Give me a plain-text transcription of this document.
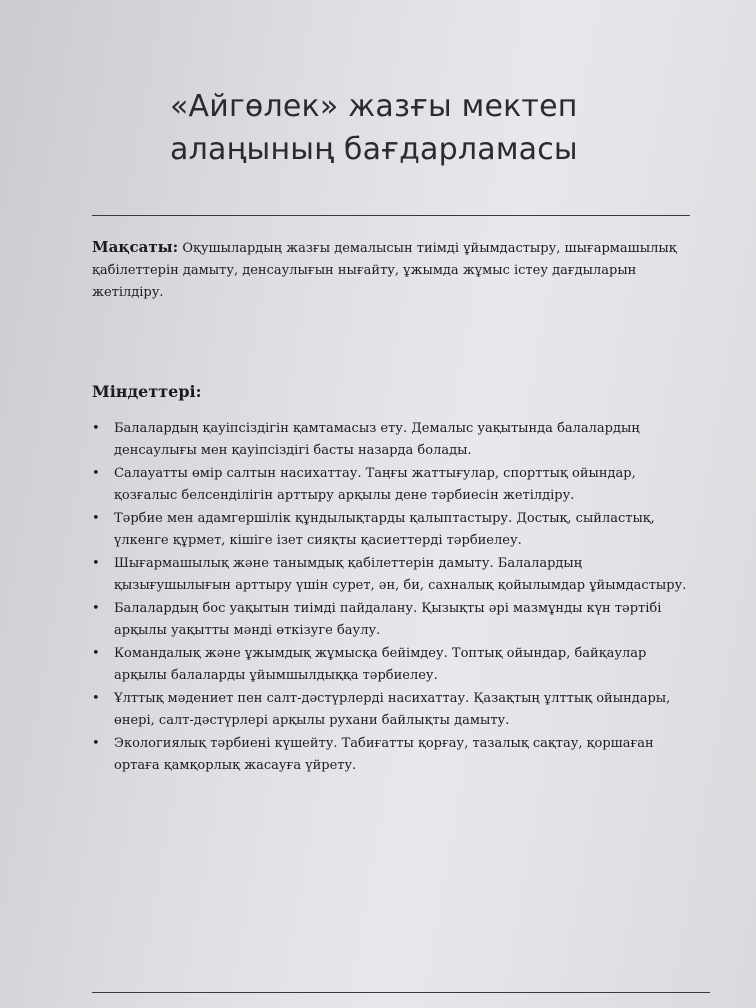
«Айгөлек» жазғы мектеп
алаңының бағдарламасы

Мақсаты: Оқушылардың жазғы демалысын тиімді ұйымдастыру, шығармашылық қабілеттерін дамыту, денсаулығын нығайту, ұжымда жұмыс істеу дағдыларын жетілдіру.

Міндеттері:
• Балалардың қауіпсіздігін қамтамасыз ету. Демалыс уақытында балалардың денсаулығы мен қауіпсіздігі басты назарда болады.
• Салауатты өмір салтын насихаттау. Таңғы жаттығулар, спорттық ойындар, қозғалыс белсенділігін арттыру арқылы дене тәрбиесін жетілдіру.
• Тәрбие мен адамгершілік құндылықтарды қалыптастыру. Достық, сыйластық, үлкенге құрмет, кішіге ізет сияқты қасиеттерді тәрбиелеу.
• Шығармашылық және танымдық қабілеттерін дамыту. Балалардың қызығушылығын арттыру үшін сурет, ән, би, сахналық қойылымдар ұйымдастыру.
• Балалардың бос уақытын тиімді пайдалану. Қызықты әрі мазмұнды күн тәртібі арқылы уақытты мәнді өткізуге баулу.
• Командалық және ұжымдық жұмысқа бейімдеу. Топтық ойындар, байқаулар арқылы балаларды ұйымшылдыққа тәрбиелеу.
• Ұлттық мәдениет пен салт-дәстүрлерді насихаттау. Қазақтың ұлттық ойындары, өнері, салт-дәстүрлері арқылы рухани байлықты дамыту.
• Экологиялық тәрбиені күшейту. Табиғатты қорғау, тазалық сақтау, қоршаған ортаға қамқорлық жасауға үйрету.
